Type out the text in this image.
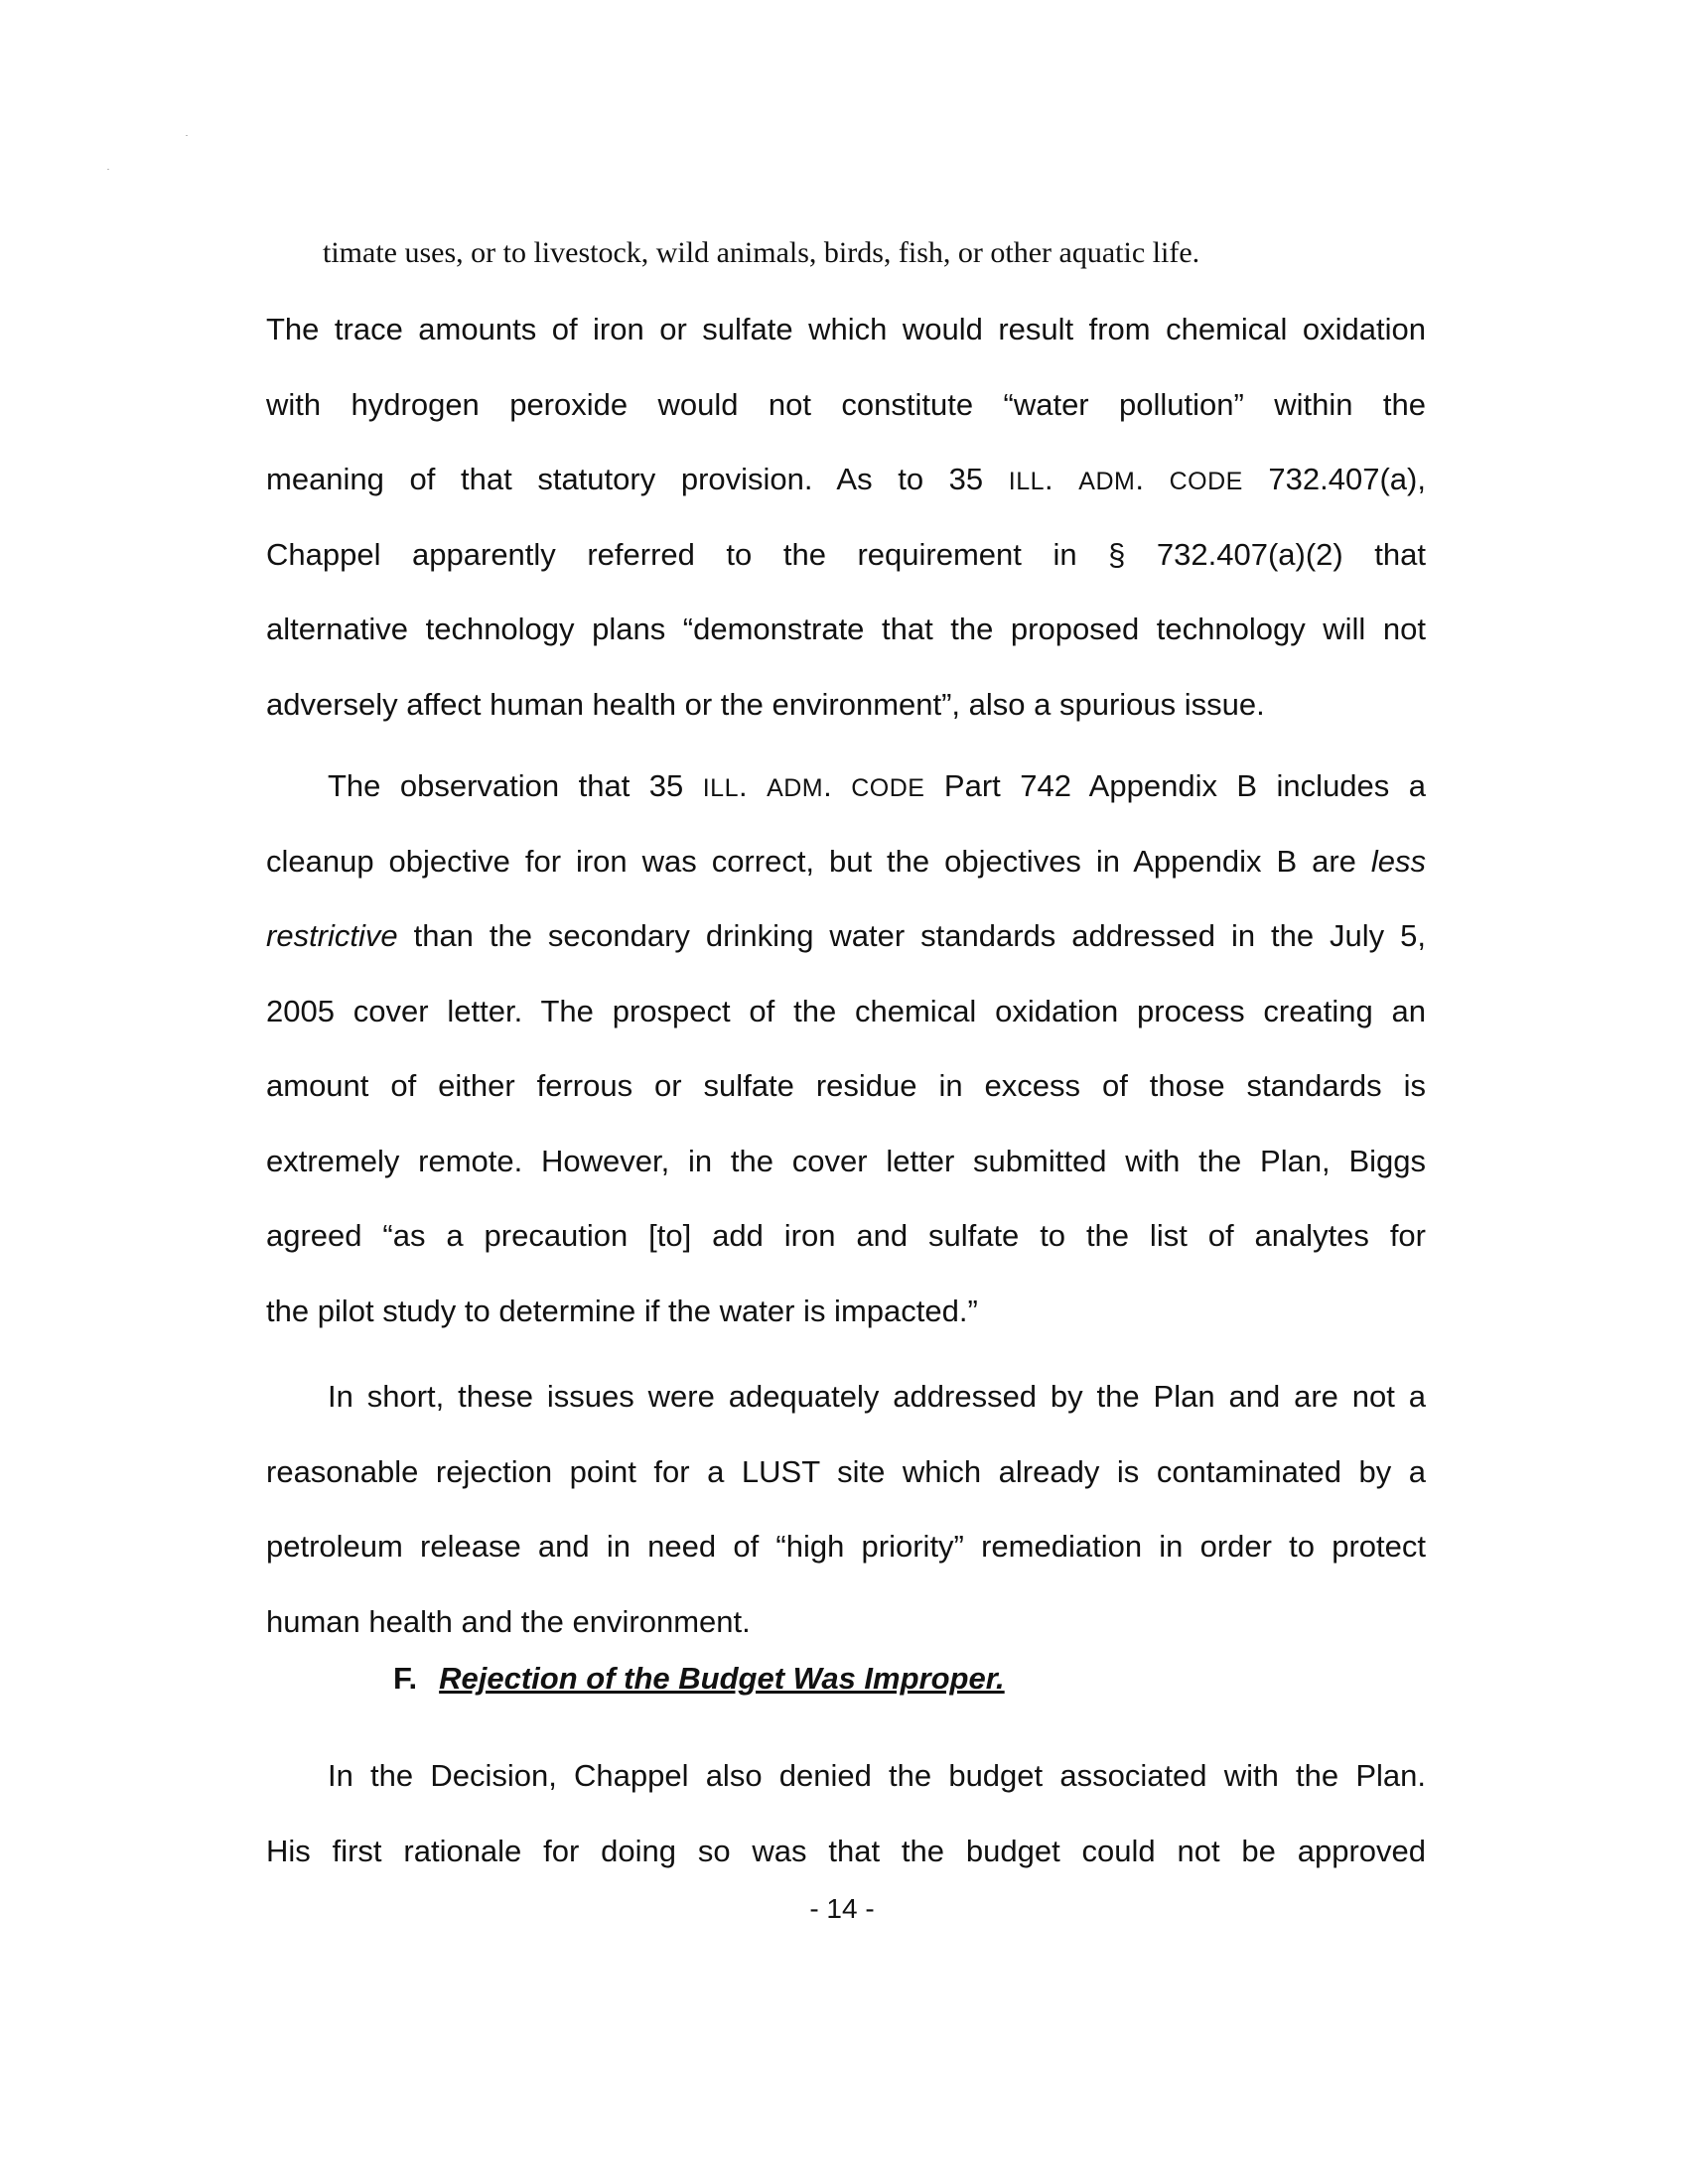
timate uses, or to livestock, wild animals, birds, fish, or other aquatic life.
The trace amounts of iron or sulfate which would result from chemical oxidation
with hydrogen peroxide would not constitute “water pollution” within the
meaning of that statutory provision. As to 35 ILL. ADM. CODE 732.407(a),
Chappel apparently referred to the requirement in § 732.407(a)(2) that
alternative technology plans “demonstrate that the proposed technology will not
adversely affect human health or the environment”, also a spurious issue.
The observation that 35 ILL. ADM. CODE Part 742 Appendix B includes a
cleanup objective for iron was correct, but the objectives in Appendix B are less
restrictive than the secondary drinking water standards addressed in the July 5,
2005 cover letter. The prospect of the chemical oxidation process creating an
amount of either ferrous or sulfate residue in excess of those standards is
extremely remote. However, in the cover letter submitted with the Plan, Biggs
agreed “as a precaution [to] add iron and sulfate to the list of analytes for
the pilot study to determine if the water is impacted.”
In short, these issues were adequately addressed by the Plan and are not a
reasonable rejection point for a LUST site which already is contaminated by a
petroleum release and in need of “high priority” remediation in order to protect
human health and the environment.
F. Rejection of the Budget Was Improper.
In the Decision, Chappel also denied the budget associated with the Plan.
His first rationale for doing so was that the budget could not be approved
- 14 -
